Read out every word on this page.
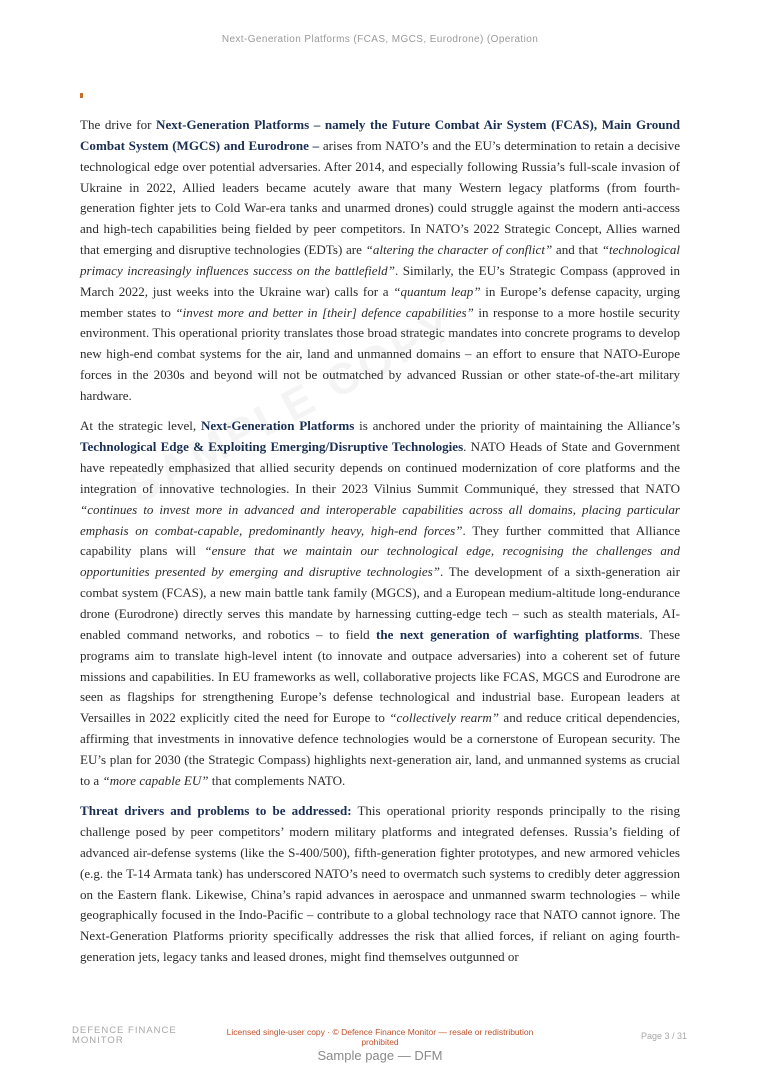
Next-Generation Platforms (FCAS, MGCS, Eurodrone) (Operation

The drive for Next-Generation Platforms – namely the Future Combat Air System (FCAS), Main Ground Combat System (MGCS) and Eurodrone – arises from NATO’s and the EU’s determination to retain a decisive technological edge over potential adversaries. After 2014, and especially following Russia’s full-scale invasion of Ukraine in 2022, Allied leaders became acutely aware that many Western legacy platforms (from fourth-generation fighter jets to Cold War-era tanks and unarmed drones) could struggle against the modern anti-access and high-tech capabilities being fielded by peer competitors. In NATO’s 2022 Strategic Concept, Allies warned that emerging and disruptive technologies (EDTs) are “altering the character of conflict” and that “technological primacy increasingly influences success on the battlefield”. Similarly, the EU’s Strategic Compass (approved in March 2022, just weeks into the Ukraine war) calls for a “quantum leap” in Europe’s defense capacity, urging member states to “invest more and better in [their] defence capabilities” in response to a more hostile security environment. This operational priority translates those broad strategic mandates into concrete programs to develop new high-end combat systems for the air, land and unmanned domains – an effort to ensure that NATO-Europe forces in the 2030s and beyond will not be outmatched by advanced Russian or other state-of-the-art military hardware.

At the strategic level, Next-Generation Platforms is anchored under the priority of maintaining the Alliance’s Technological Edge & Exploiting Emerging/Disruptive Technologies. NATO Heads of State and Government have repeatedly emphasized that allied security depends on continued modernization of core platforms and the integration of innovative technologies. In their 2023 Vilnius Summit Communiqué, they stressed that NATO “continues to invest more in advanced and interoperable capabilities across all domains, placing particular emphasis on combat-capable, predominantly heavy, high-end forces”. They further committed that Alliance capability plans will “ensure that we maintain our technological edge, recognising the challenges and opportunities presented by emerging and disruptive technologies”. The development of a sixth-generation air combat system (FCAS), a new main battle tank family (MGCS), and a European medium-altitude long-endurance drone (Eurodrone) directly serves this mandate by harnessing cutting-edge tech – such as stealth materials, AI-enabled command networks, and robotics – to field the next generation of warfighting platforms. These programs aim to translate high-level intent (to innovate and outpace adversaries) into a coherent set of future missions and capabilities. In EU frameworks as well, collaborative projects like FCAS, MGCS and Eurodrone are seen as flagships for strengthening Europe’s defense technological and industrial base. European leaders at Versailles in 2022 explicitly cited the need for Europe to “collectively rearm” and reduce critical dependencies, affirming that investments in innovative defence technologies would be a cornerstone of European security. The EU’s plan for 2030 (the Strategic Compass) highlights next-generation air, land, and unmanned systems as crucial to a “more capable EU” that complements NATO.

Threat drivers and problems to be addressed: This operational priority responds principally to the rising challenge posed by peer competitors’ modern military platforms and integrated defenses. Russia’s fielding of advanced air-defense systems (like the S-400/500), fifth-generation fighter prototypes, and new armored vehicles (e.g. the T-14 Armata tank) has underscored NATO’s need to overmatch such systems to credibly deter aggression on the Eastern flank. Likewise, China’s rapid advances in aerospace and unmanned swarm technologies – while geographically focused in the Indo-Pacific – contribute to a global technology race that NATO cannot ignore. The Next-Generation Platforms priority specifically addresses the risk that allied forces, if reliant on aging fourth-generation jets, legacy tanks and leased drones, might find themselves outgunned or

DEFENCE FINANCE
MONITOR
Licensed single-user copy · © Defence Finance Monitor — resale or redistribution prohibited
Page 3 / 31
Sample page — DFM
